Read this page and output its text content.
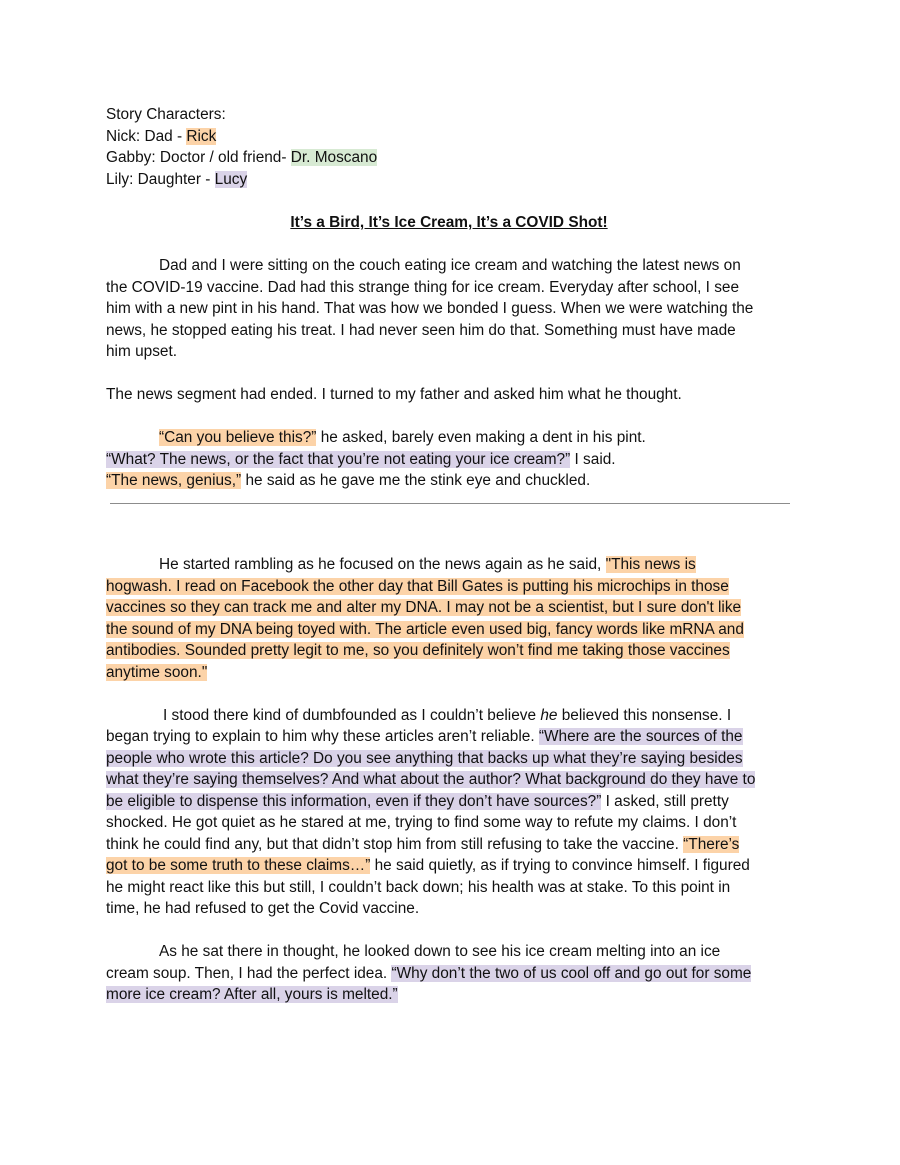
Story Characters:
Nick: Dad - Rick
Gabby: Doctor / old friend- Dr. Moscano
Lily: Daughter - Lucy
It’s a Bird, It’s Ice Cream, It’s a COVID Shot!
Dad and I were sitting on the couch eating ice cream and watching the latest news on
the COVID-19 vaccine. Dad had this strange thing for ice cream. Everyday after school, I see
him with a new pint in his hand. That was how we bonded I guess. When we were watching the
news, he stopped eating his treat. I had never seen him do that. Something must have made
him upset.
The news segment had ended. I turned to my father and asked him what he thought.
“Can you believe this?” he asked, barely even making a dent in his pint.
“What? The news, or the fact that you’re not eating your ice cream?” I said.
“The news, genius,” he said as he gave me the stink eye and chuckled.
He started rambling as he focused on the news again as he said, "This news is
hogwash. I read on Facebook the other day that Bill Gates is putting his microchips in those
vaccines so they can track me and alter my DNA. I may not be a scientist, but I sure don't like
the sound of my DNA being toyed with. The article even used big, fancy words like mRNA and
antibodies. Sounded pretty legit to me, so you definitely won’t find me taking those vaccines
anytime soon."
I stood there kind of dumbfounded as I couldn’t believe he believed this nonsense. I
began trying to explain to him why these articles aren’t reliable. “Where are the sources of the
people who wrote this article? Do you see anything that backs up what they’re saying besides
what they’re saying themselves? And what about the author? What background do they have to
be eligible to dispense this information, even if they don’t have sources?” I asked, still pretty
shocked. He got quiet as he stared at me, trying to find some way to refute my claims. I don’t
think he could find any, but that didn’t stop him from still refusing to take the vaccine. “There’s
got to be some truth to these claims…” he said quietly, as if trying to convince himself. I figured
he might react like this but still, I couldn’t back down; his health was at stake. To this point in
time, he had refused to get the Covid vaccine.
As he sat there in thought, he looked down to see his ice cream melting into an ice
cream soup. Then, I had the perfect idea. “Why don’t the two of us cool off and go out for some
more ice cream? After all, yours is melted.”
